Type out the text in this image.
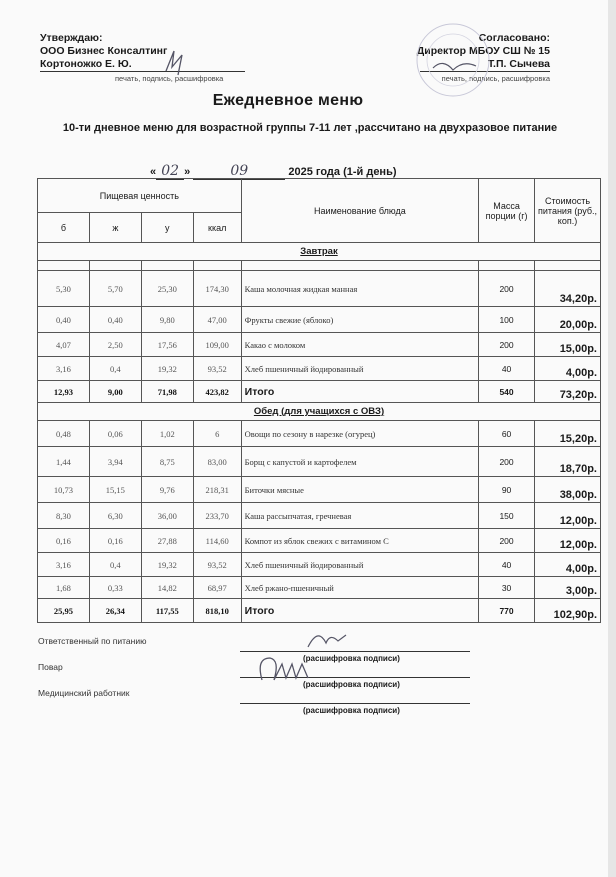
Утверждаю:
ООО Бизнес Консалтинг
Кортоножко Е. Ю.
печать, подпись, расшифровка
Согласовано:
Директор МБОУ СШ № 15
Т.П. Сычева
печать, подпись, расшифровка
Ежедневное меню
10-ти дневное меню для возрастной группы 7-11 лет ,рассчитано на двухразовое питание
« 02 »	09	2025 года (1-й день)
Пищевая ценность				Наименование блюда	Масса порции (г)	Стоимость питания (руб., коп.)
б	ж	у	ккал			
Завтрак						

5,30	5,70	25,30	174,30	Каша молочная жидкая манная	200	34,20р.
0,40	0,40	9,80	47,00	Фрукты свежие (яблоко)	100	20,00р.
4,07	2,50	17,56	109,00	Какао с молоком	200	15,00р.
3,16	0,4	19,32	93,52	Хлеб пшеничный йодированный	40	4,00р.
12,93	9,00	71,98	423,82	Итого	540	73,20р.
Обед (для учащихся с ОВЗ)						
0,48	0,06	1,02	6	Овощи по сезону в нарезке (огурец)	60	15,20р.
1,44	3,94	8,75	83,00	Борщ с капустой и картофелем	200	18,70р.
10,73	15,15	9,76	218,31	Биточки мясные	90	38,00р.
8,30	6,30	36,00	233,70	Каша рассыпчатая, гречневая	150	12,00р.
0,16	0,16	27,88	114,60	Компот из яблок свежих с витамином С	200	12,00р.
3,16	0,4	19,32	93,52	Хлеб пшеничный йодированный	40	4,00р.
1,68	0,33	14,82	68,97	Хлеб ржано-пшеничный	30	3,00р.
25,95	26,34	117,55	818,10	Итого	770	102,90р.
Ответственный по питанию
(расшифровка подписи)
Повар
(расшифровка подписи)
Медицинский работник
(расшифровка подписи)
